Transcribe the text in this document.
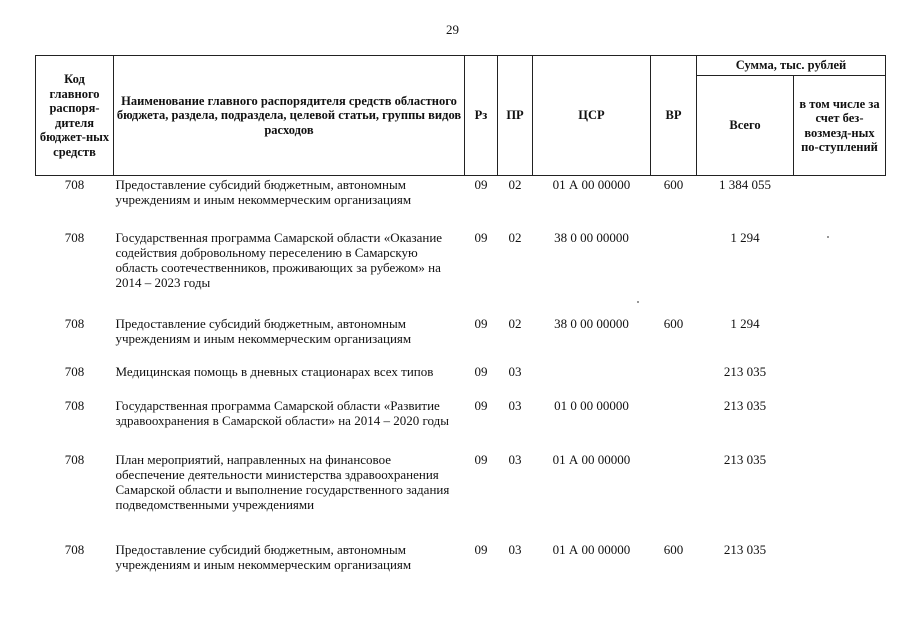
29
Код главного распоря-дителя бюджет-ных средств	Наименование главного распорядителя средств областного бюджета, раздела, подраздела, целевой статьи, группы видов расходов	Рз	ПР	ЦСР	ВР	Сумма, тыс. рублей	
						Всего	в том числе за счет без-возмезд-ных по-ступлений
708	Предоставление субсидий бюджетным, автономным учреждениям и иным некоммерческим организациям	09	02	01 А 00 00000	600	1 384 055	
708	Государственная программа Самарской области «Оказание содействия добровольному переселению в Самарскую область соотечественников, проживающих за рубежом» на 2014 – 2023 годы	09	02	38 0 00 00000		1 294	
708	Предоставление субсидий бюджетным, автономным учреждениям и иным некоммерческим организациям	09	02	38 0 00 00000	600	1 294	
708	Медицинская помощь в дневных стационарах всех типов	09	03			213 035	
708	Государственная программа Самарской области «Развитие здравоохранения в Самарской области» на 2014 – 2020 годы	09	03	01 0 00 00000		213 035	
708	План мероприятий, направленных на финансовое обеспечение деятельности министерства здравоохранения Самарской области и выполнение государственного задания подведомственными учреждениями	09	03	01 А 00 00000		213 035	
708	Предоставление субсидий бюджетным, автономным учреждениям и иным некоммерческим организациям	09	03	01 А 00 00000	600	213 035	
